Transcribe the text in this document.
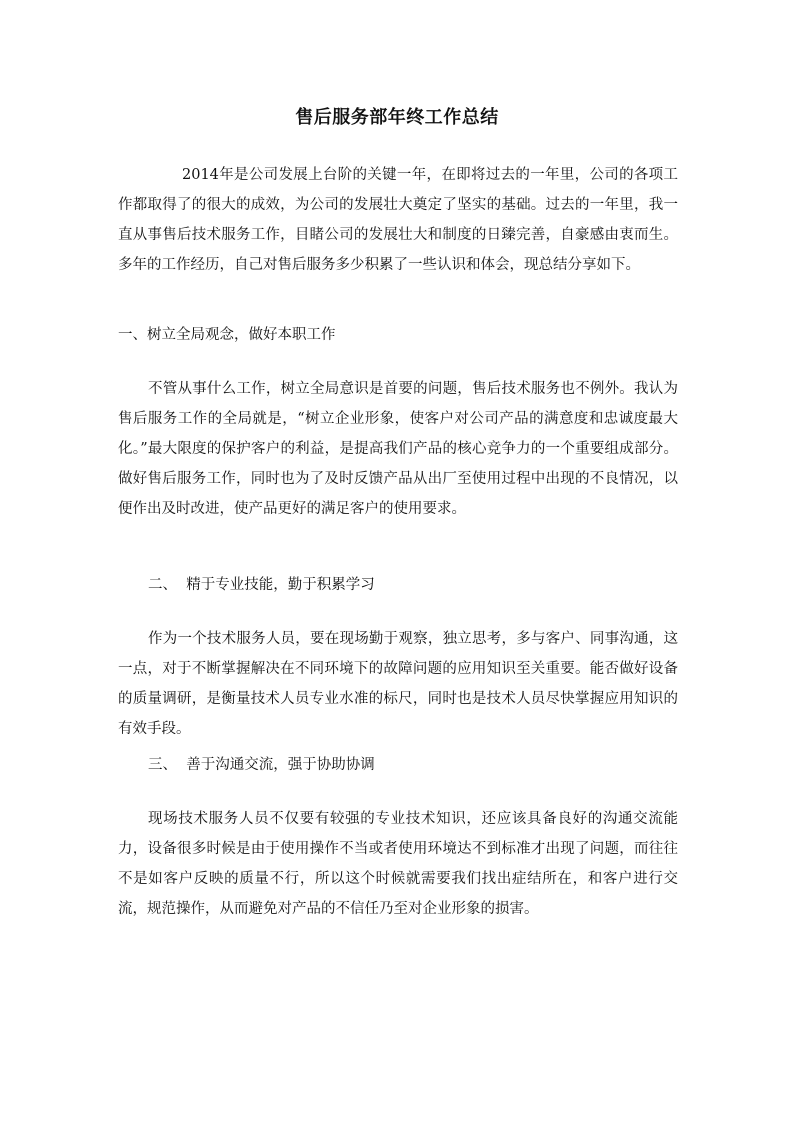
售后服务部年终工作总结

2014年是公司发展上台阶的关键一年，在即将过去的一年里，公司的各项工作都取得了的很大的成效，为公司的发展壮大奠定了坚实的基础。过去的一年里，我一直从事售后技术服务工作，目睹公司的发展壮大和制度的日臻完善，自豪感由衷而生。多年的工作经历，自己对售后服务多少积累了一些认识和体会，现总结分享如下。

一、树立全局观念，做好本职工作

不管从事什么工作，树立全局意识是首要的问题，售后技术服务也不例外。我认为售后服务工作的全局就是，“树立企业形象，使客户对公司产品的满意度和忠诚度最大化。”最大限度的保护客户的利益，是提高我们产品的核心竞争力的一个重要组成部分。做好售后服务工作，同时也为了及时反馈产品从出厂至使用过程中出现的不良情况，以便作出及时改进，使产品更好的满足客户的使用要求。

二、  精于专业技能，勤于积累学习

作为一个技术服务人员，要在现场勤于观察，独立思考，多与客户、同事沟通，这一点，对于不断掌握解决在不同环境下的故障问题的应用知识至关重要。能否做好设备的质量调研，是衡量技术人员专业水准的标尺，同时也是技术人员尽快掌握应用知识的有效手段。

三、  善于沟通交流，强于协助协调

现场技术服务人员不仅要有较强的专业技术知识，还应该具备良好的沟通交流能力，设备很多时候是由于使用操作不当或者使用环境达不到标准才出现了问题，而往往不是如客户反映的质量不行，所以这个时候就需要我们找出症结所在，和客户进行交流，规范操作，从而避免对产品的不信任乃至对企业形象的损害。
